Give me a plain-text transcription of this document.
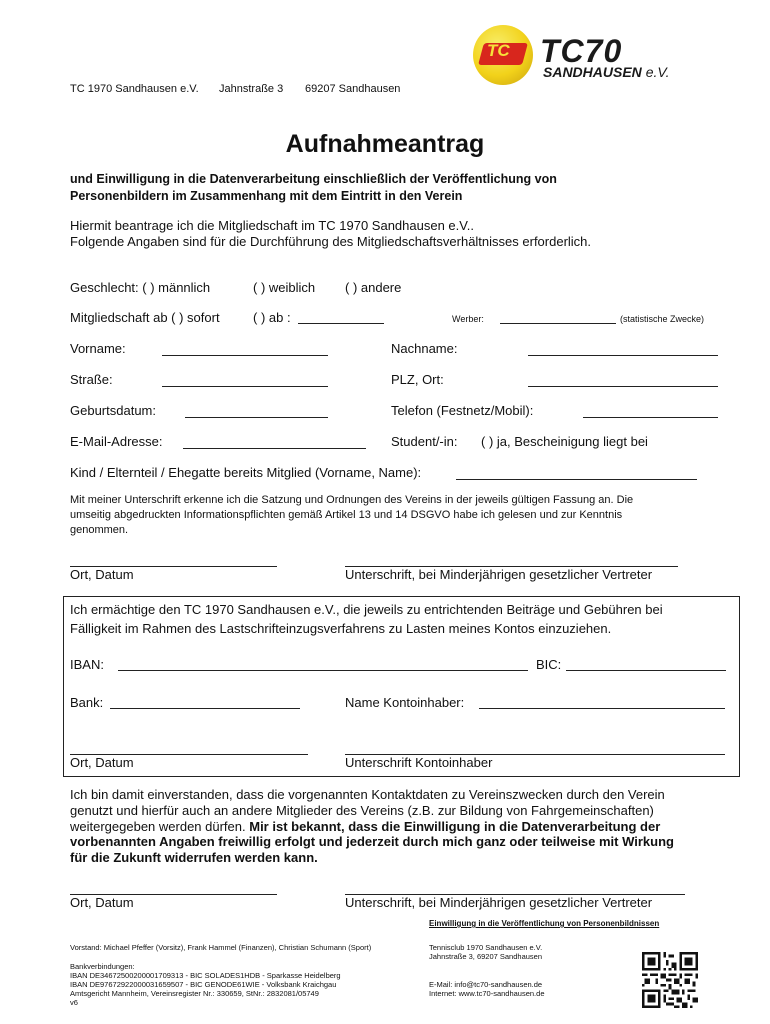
TC TC70
SANDHAUSEN e.V.
TC 1970 Sandhausen e.V. Jahnstraße 3 69207 Sandhausen
Aufnahmeantrag
und Einwilligung in die Datenverarbeitung einschließlich der Veröffentlichung von
Personenbildern im Zusammenhang mit dem Eintritt in den Verein
Hiermit beantrage ich die Mitgliedschaft im TC 1970 Sandhausen e.V..
Folgende Angaben sind für die Durchführung des Mitgliedschaftsverhältnisses erforderlich.
Geschlecht: ( ) männlich	( ) weiblich ( ) andere
Mitgliedschaft ab ( ) sofort	( ) ab :	Werber:	(statistische Zwecke)
Vorname:	Nachname:
Straße:	PLZ, Ort:
Geburtsdatum:	Telefon (Festnetz/Mobil):
E-Mail-Adresse:	Student/-in: ( ) ja, Bescheinigung liegt bei
Kind / Elternteil / Ehegatte bereits Mitglied (Vorname, Name):
Mit meiner Unterschrift erkenne ich die Satzung und Ordnungen des Vereins in der jeweils gültigen Fassung an. Die
umseitig abgedruckten Informationspflichten gemäß Artikel 13 und 14 DSGVO habe ich gelesen und zur Kenntnis
genommen.
Ort, Datum	Unterschrift, bei Minderjährigen gesetzlicher Vertreter
Ich ermächtige den TC 1970 Sandhausen e.V., die jeweils zu entrichtenden Beiträge und Gebühren bei
Fälligkeit im Rahmen des Lastschrifteinzugsverfahrens zu Lasten meines Kontos einzuziehen.
IBAN:	BIC:
Bank:	Name Kontoinhaber:
Ort, Datum	Unterschrift Kontoinhaber
Ich bin damit einverstanden, dass die vorgenannten Kontaktdaten zu Vereinszwecken durch den Verein
genutzt und hierfür auch an andere Mitglieder des Vereins (z.B. zur Bildung von Fahrgemeinschaften)
weitergegeben werden dürfen. Mir ist bekannt, dass die Einwilligung in die Datenverarbeitung der
vorbenannten Angaben freiwillig erfolgt und jederzeit durch mich ganz oder teilweise mit Wirkung
für die Zukunft widerrufen werden kann.
Ort, Datum	Unterschrift, bei Minderjährigen gesetzlicher Vertreter
Einwilligung in die Veröffentlichung von Personenbildnissen
Vorstand: Michael Pfeffer (Vorsitz), Frank Hammel (Finanzen), Christian Schumann (Sport)
Bankverbindungen:
IBAN DE34672500200001709313 - BIC SOLADES1HDB - Sparkasse Heidelberg
IBAN DE97672922000031659507 - BIC GENODE61WIE - Volksbank Kraichgau
Amtsgericht Mannheim, Vereinsregister Nr.: 330659, StNr.: 2832081/05749
v6
Tennisclub 1970 Sandhausen e.V.
Jahnstraße 3, 69207 Sandhausen
E-Mail: info@tc70-sandhausen.de
Internet: www.tc70-sandhausen.de
